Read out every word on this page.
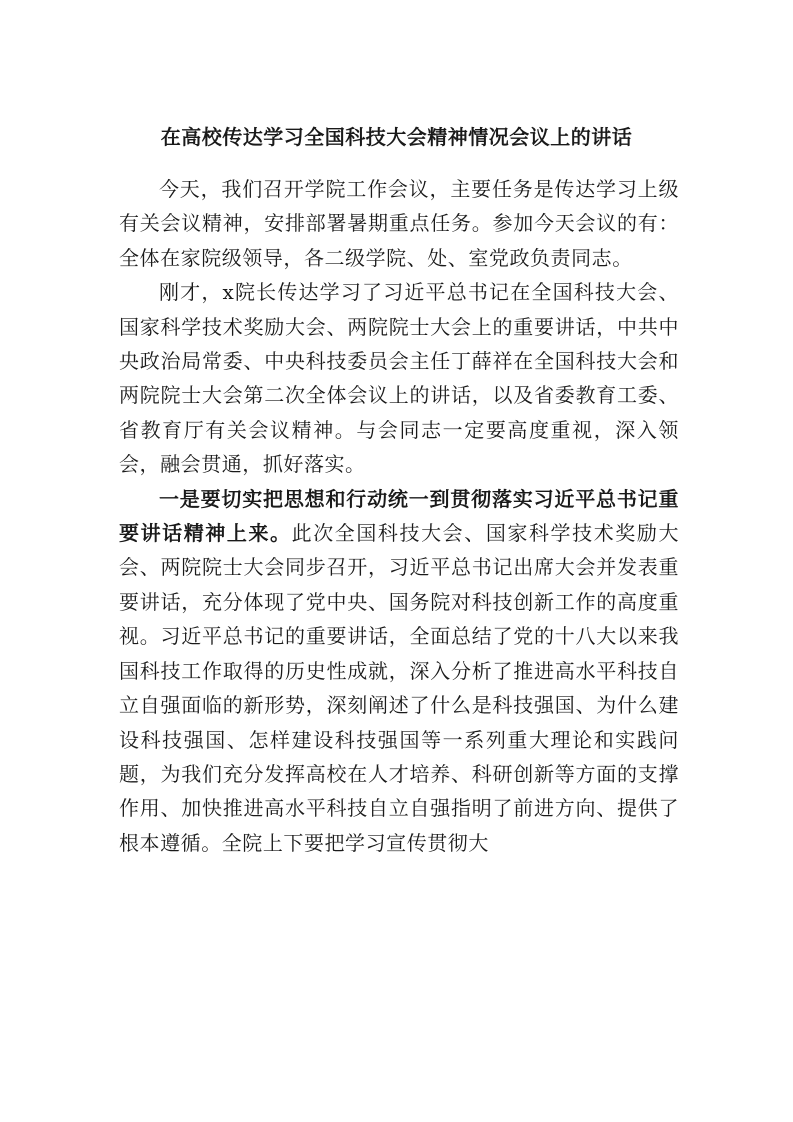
在高校传达学习全国科技大会精神情况会议上的讲话

今天，我们召开学院工作会议，主要任务是传达学习上级有关会议精神，安排部署暑期重点任务。参加今天会议的有：全体在家院级领导，各二级学院、处、室党政负责同志。

刚才，x院长传达学习了习近平总书记在全国科技大会、国家科学技术奖励大会、两院院士大会上的重要讲话，中共中央政治局常委、中央科技委员会主任丁薛祥在全国科技大会和两院院士大会第二次全体会议上的讲话，以及省委教育工委、省教育厅有关会议精神。与会同志一定要高度重视，深入领会，融会贯通，抓好落实。

一是要切实把思想和行动统一到贯彻落实习近平总书记重要讲话精神上来。此次全国科技大会、国家科学技术奖励大会、两院院士大会同步召开，习近平总书记出席大会并发表重要讲话，充分体现了党中央、国务院对科技创新工作的高度重视。习近平总书记的重要讲话，全面总结了党的十八大以来我国科技工作取得的历史性成就，深入分析了推进高水平科技自立自强面临的新形势，深刻阐述了什么是科技强国、为什么建设科技强国、怎样建设科技强国等一系列重大理论和实践问题，为我们充分发挥高校在人才培养、科研创新等方面的支撑作用、加快推进高水平科技自立自强指明了前进方向、提供了根本遵循。全院上下要把学习宣传贯彻大
